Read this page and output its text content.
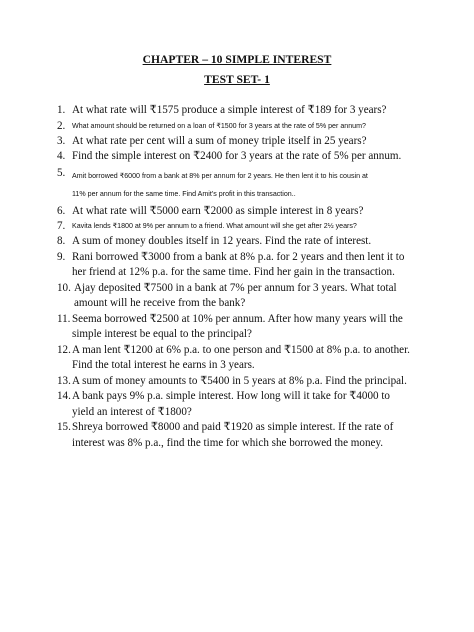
CHAPTER – 10 SIMPLE INTEREST
TEST SET- 1
1. At what rate will ₹1575 produce a simple interest of ₹189 for 3 years?
2. What amount should be returned on a loan of ₹1500 for 3 years at the rate of 5% per annum?
3. At what rate per cent will a sum of money triple itself in 25 years?
4. Find the simple interest on ₹2400 for 3 years at the rate of 5% per annum.
5. Amit borrowed ₹6000 from a bank at 8% per annum for 2 years. He then lent it to his cousin at
11% per annum for the same time. Find Amit’s profit in this transaction..
6. At what rate will ₹5000 earn ₹2000 as simple interest in 8 years?
7. Kavita lends ₹1800 at 9% per annum to a friend. What amount will she get after 2½ years?
8. A sum of money doubles itself in 12 years. Find the rate of interest.
9. Rani borrowed ₹3000 from a bank at 8% p.a. for 2 years and then lent it to
her friend at 12% p.a. for the same time. Find her gain in the transaction.
10. Ajay deposited ₹7500 in a bank at 7% per annum for 3 years. What total
amount will he receive from the bank?
11. Seema borrowed ₹2500 at 10% per annum. After how many years will the
simple interest be equal to the principal?
12. A man lent ₹1200 at 6% p.a. to one person and ₹1500 at 8% p.a. to another.
Find the total interest he earns in 3 years.
13. A sum of money amounts to ₹5400 in 5 years at 8% p.a. Find the principal.
14. A bank pays 9% p.a. simple interest. How long will it take for ₹4000 to
yield an interest of ₹1800?
15. Shreya borrowed ₹8000 and paid ₹1920 as simple interest. If the rate of
interest was 8% p.a., find the time for which she borrowed the money.
